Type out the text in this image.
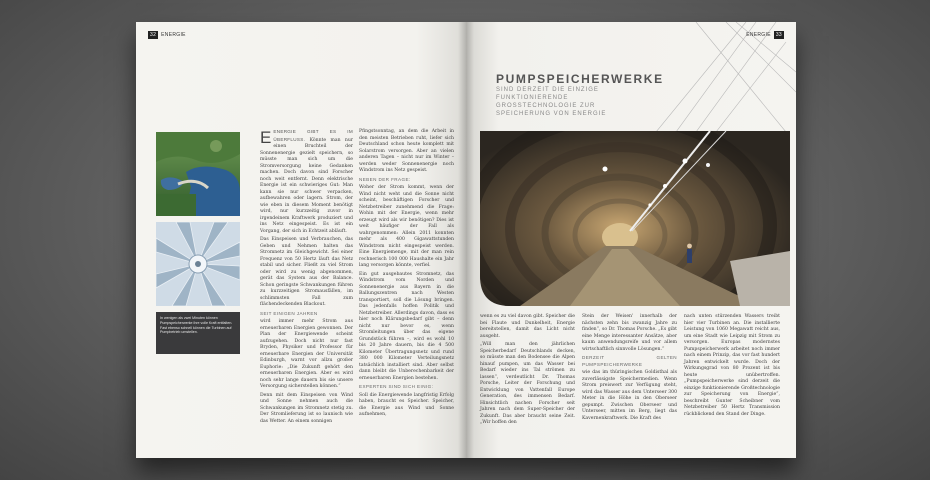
32	ENERGIE
In wenigen als zwei Minuten können Pumpspeicherwerke ihre volle Kraft entfalten. Fast ebenso schnell können die Turbinen auf Pumpbetrieb umstellen.

E ENERGIE GIBT ES IM ÜBERFLUSS. Könnte man nur einen Bruchteil der Sonnenenergie gezielt speichern, so müsste man sich um die Stromversorgung keine Gedanken machen. Doch davon sind Forscher noch weit entfernt. Denn elektrische Energie ist ein schwieriges Gut: Man kann sie nur schwer verpacken, aufbewahren oder lagern. Strom, der wie eben in diesem Moment benötigt wird, nur kurzzeitig zuvor in irgendeinem Kraftwerk produziert und ins Netz eingespeist. Es ist ein Vorgang, der sich in Echtzeit abläuft.

Das Einspeisen und Verbrauchen, das Geben und Nehmen halten das Stromnetz im Gleichgewicht. Sei einer Frequenz von 50 Hertz läuft das Netz stabil und sicher. Fließt zu viel Strom oder wird zu wenig abgenommen, gerät das System aus der Balance. Schon geringste Schwankungen führen zu kurzzeitigen Stromausfällen, im schlimmsten Fall zum flächendeckenden Blackout.

SEIT EINIGEN JAHREN

wird immer mehr Strom aus erneuerbaren Energien gewonnen. Der Plan der Energiewende scheint aufzugehen. Doch nicht nur fast Bryden, Physiker und Professor für erneuerbare Energien der Universität Edinburgh, warnt vor allzu großer Euphorie: „Die Zukunft gehört den erneuerbaren Energien. Aber es wird noch sehr lange dauern bis sie unsere Versorgung sicherstellen können.“

Denn mit dem Einspeisen von Wind und Sonne nehmen auch die Schwankungen im Stromnetz stetig zu. Der Stromlieferung ist so launisch wie das Wetter. An einem sonnigen

Pfingstsonntag, an dem die Arbeit in den meisten Betrieben ruht, liefer sich Deutschland schon heute komplett mit Solarstrom versorgen. Aber an vielen anderen Tagen – nicht nur im Winter – werden weder Sonnenenergie noch Windstrom ins Netz gespeist.

NEBEN DER FRAGE:

Woher der Strom kommt, wenn der Wind nicht weht und die Sonne nicht scheint, beschäftigen Forscher und Netzbetreiber zunehmend die Frage: Wohin mit der Energie, wenn mehr erzeugt wird als wir benötigen? Dies ist weit häufiger der Fall als wahrgenommen: Allein 2011 konnten mehr als 400 Gigawattstunden Windstrom nicht eingespeist werden. Eine Energiemenge, mit der man rein rechnerisch 100 000 Haushalte ein Jahr lang versorgen könnte, verfiel.

Ein gut ausgebautes Stromnetz, das Windstrom vom Norden und Sonnenenergie aus Bayern in die Ballungszentren nach Westen transportiert, soll die Lösung bringen. Das jedenfalls hoffen Politik und Netzbetreiber. Allerdings davon, dass es hier noch Klärungsbedarf gibt – denn nicht nur bevor es, wenn Stromleitungen über das eigene Grundstück führen –, wird es wohl 10 bis 20 Jahre dauern, bis die 4 500 Kilometer Übertragungsnetz und rund 380 000 Kilometer Verteilungsnetz tatsächlich installiert sind. Aber selbst dann bleibt die Unberechenbarkeit der erneuerbaren Energien bestehen.

EXPERTEN SIND SICH EINIG:

Soll die Energiewende langfristig Erfolg haben, braucht es Speicher. Speicher, die Energie aus Wind und Sonne aufnehmen,

ENERGIE	33
PUMPSPEICHERWERKE
SIND DERZEIT DIE EINZIGE FUNKTIONIERENDE GROSSTECHNOLOGIE ZUR SPEICHERUNG VON ENERGIE

wenn es zu viel davon gibt. Speicher die bei Flaute und Dunkelheit, Energie bereitstellen, damit das Licht nicht ausgeht.

„Will man den jährlichen Speicherbedarf Deutschlands decken, so müsste man den Bodensee die Alpen hinauf pumpen, um das Wasser bei Bedarf wieder ins Tal strömen zu lassen“, verdeutlicht Dr. Thomas Porsche, Leiter der Forschung und Entwicklung von Vattenfall Europe Generation, des immensen Bedarf. Hinsichtlich nachen Forscher seit Jahren nach dem Super-Speicher der Zukunft. Das aber braucht seine Zeit. „Wir hoffen den

Stein der Weisen' innerhalb der nächsten zehn bis zwanzig Jahre zu finden“, so Dr. Thomas Porsche. „Es gibt eine Menge interessanter Ansätze, aber kaum anwendungsreife und vor allem wirtschaftlich sinnvolle Lösungen.“

DERZEIT GELTEN PUMPSPEICHERWERKE

wie das im thüringischen Goldisthal als zuverlässigste Speichermedien. Wenn Strom preiswert zur Verfügung steht, wird das Wasser aus dem Unterseer 300 Meter in die Höhe in den Oberseer gepumpt. Zwischen Oberseer und Unterseer, mitten im Berg, liegt das Kavernenkraftwerk. Die Kraft des

nach unten stürzenden Wassers treibt hier vier Turbinen an. Die installierte Leistung von 1060 Megawatt reicht aus, um eine Stadt wie Leipzig mit Strom zu versorgen. Europas modernstes Pumpspeicherwerk arbeitet noch immer nach einem Prinzip, das vor fast hundert Jahren entwickelt wurde. Doch der Wirkungsgrad von 80 Prozent ist bis heute unübertroffen. „Pumpspeicherwerke sind derzeit die einzige funktionierende Großtechnologie zur Speicherung von Energie“, beschreibt Gunter Scheibner vom Netzbetreiber 50 Hertz Transmission rückblickend den Stand der Dinge.
